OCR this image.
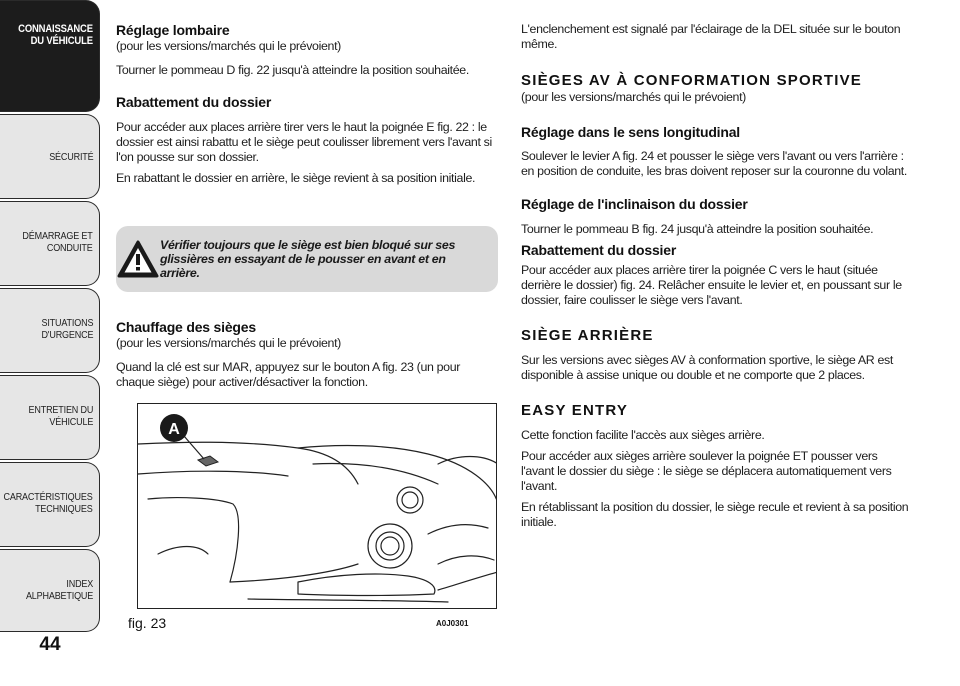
CONNAISSANCE
DU VÉHICULE
SÉCURITÉ
DÉMARRAGE ET
CONDUITE
SITUATIONS
D'URGENCE
ENTRETIEN DU
VÉHICULE
CARACTÉRISTIQUES
TECHNIQUES
INDEX
ALPHABETIQUE
44
Réglage lombaire
(pour les versions/marchés qui le prévoient)
Tourner le pommeau D fig. 22 jusqu'à atteindre la position souhaitée.
Rabattement du dossier
Pour accéder aux places arrière tirer vers le haut la poignée E fig. 22 : le dossier est ainsi rabattu et le siège peut coulisser librement vers l'avant si l'on pousse sur son dossier.
En rabattant le dossier en arrière, le siège revient à sa position initiale.
Vérifier toujours que le siège est bien bloqué sur ses glissières en essayant de le pousser en avant et en arrière.
Chauffage des sièges
(pour les versions/marchés qui le prévoient)
Quand la clé est sur MAR, appuyez sur le bouton A fig. 23 (un pour chaque siège) pour activer/désactiver la fonction.
A
fig. 23	A0J0301
L'enclenchement est signalé par l'éclairage de la DEL située sur le bouton même.
SIÈGES AV À CONFORMATION SPORTIVE
(pour les versions/marchés qui le prévoient)
Réglage dans le sens longitudinal
Soulever le levier A fig. 24 et pousser le siège vers l'avant ou vers l'arrière : en position de conduite, les bras doivent reposer sur la couronne du volant.
Réglage de l'inclinaison du dossier
Tourner le pommeau B fig. 24 jusqu'à atteindre la position souhaitée.
Rabattement du dossier
Pour accéder aux places arrière tirer la poignée C vers le haut (située derrière le dossier) fig. 24. Relâcher ensuite le levier et, en poussant sur le dossier, faire coulisser le siège vers l'avant.
SIÈGE ARRIÈRE
Sur les versions avec sièges AV à conformation sportive, le siège AR est disponible à assise unique ou double et ne comporte que 2 places.
EASY ENTRY
Cette fonction facilite l'accès aux sièges arrière.
Pour accéder aux sièges arrière soulever la poignée ET pousser vers l'avant le dossier du siège : le siège se déplacera automatiquement vers l'avant.
En rétablissant la position du dossier, le siège recule et revient à sa position initiale.
